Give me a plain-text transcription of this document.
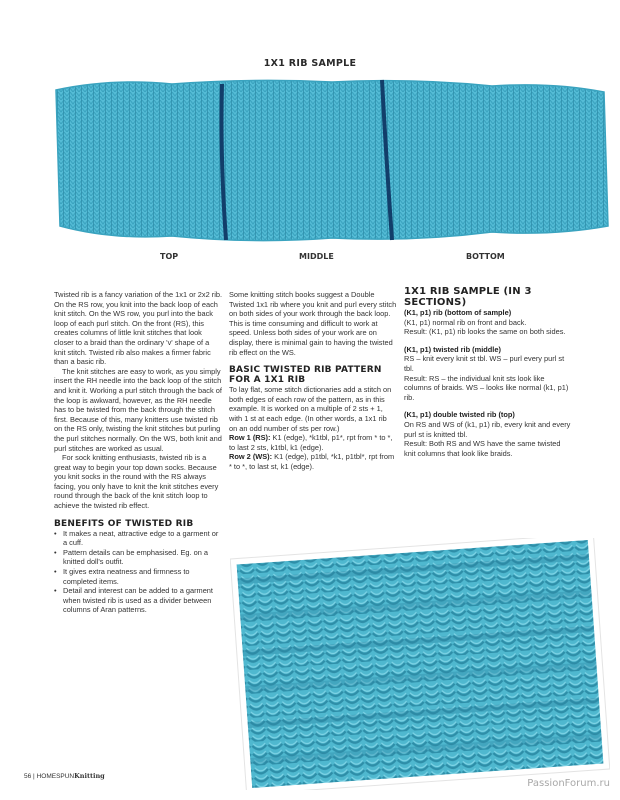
1X1 RIB SAMPLE
TOP	MIDDLE	BOTTOM

Twisted rib is a fancy variation of the 1x1 or 2x2 rib. On the RS row, you knit into the back loop of each knit stitch. On the WS row, you purl into the back loop of each purl stitch. On the front (RS), this creates columns of little knit stitches that look closer to a braid than the ordinary 'v' shape of a knit stitch. Twisted rib also makes a firmer fabric than a basic rib.

The knit stitches are easy to work, as you simply insert the RH needle into the back loop of the stitch and knit it. Working a purl stitch through the back of the loop is awkward, however, as the RH needle has to be twisted from the back through the stitch first. Because of this, many knitters use twisted rib on the RS only, twisting the knit stitches but purling the purl stitches normally. On the WS, both knit and purl stitches are worked as usual.

For sock knitting enthusiasts, twisted rib is a great way to begin your top down socks. Because you knit socks in the round with the RS always facing, you only have to knit the knit stitches every round through the back of the knit stitch loop to achieve the twisted rib effect.

BENEFITS OF TWISTED RIB
• It makes a neat, attractive edge to a garment or a cuff.
• Pattern details can be emphasised. Eg. on a knitted doll's outfit.
• It gives extra neatness and firmness to completed items.
• Detail and interest can be added to a garment when twisted rib is used as a divider between columns of Aran patterns.

Some knitting stitch books suggest a Double Twisted 1x1 rib where you knit and purl every stitch on both sides of your work through the back loop. This is time consuming and difficult to work at speed. Unless both sides of your work are on display, there is minimal gain to having the twisted rib effect on the WS.

BASIC TWISTED RIB PATTERN FOR A 1X1 RIB

To lay flat, some stitch dictionaries add a stitch on both edges of each row of the pattern, as in this example. It is worked on a multiple of 2 sts + 1, with 1 st at each edge. (In other words, a 1x1 rib on an odd number of sts per row.)

Row 1 (RS): K1 (edge), *k1tbl, p1*, rpt from * to *, to last 2 sts, k1tbl, k1 (edge).

Row 2 (WS): K1 (edge), p1tbl, *k1, p1tbl*, rpt from * to *, to last st, k1 (edge).

1X1 RIB SAMPLE (IN 3 SECTIONS)
(K1, p1) rib (bottom of sample)
(K1, p1) normal rib on front and back.
Result: (K1, p1) rib looks the same on both sides.
(K1, p1) twisted rib (middle)
RS – knit every knit st tbl. WS – purl every purl st tbl.
Result: RS – the individual knit sts look like columns of braids. WS – looks like normal (k1, p1) rib.
(K1, p1) double twisted rib (top)
On RS and WS of (k1, p1) rib, every knit and every purl st is knitted tbl.
Result: Both RS and WS have the same twisted knit columns that look like braids.
56 | HOMESPUNKnitting
PassionForum.ru
